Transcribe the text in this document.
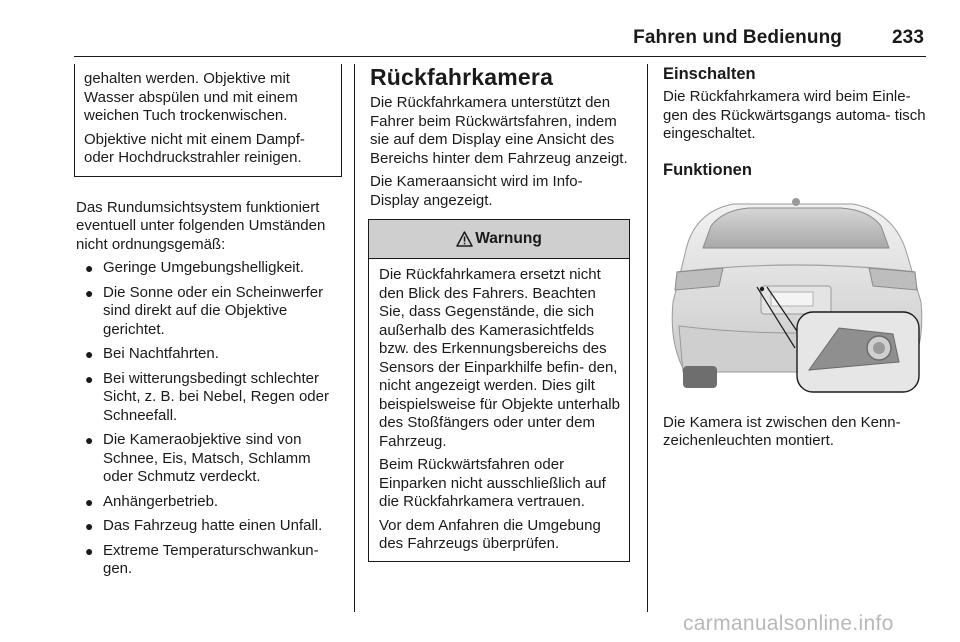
Fahren und Bedienung	233

gehalten werden. Objektive mit Wasser abspülen und mit einem weichen Tuch trockenwischen.

Objektive nicht mit einem Dampf- oder Hochdruckstrahler reinigen.

Das Rundumsichtsystem funktioniert eventuell unter folgenden Umständen nicht ordnungsgemäß:

● Geringe Umgebungshelligkeit.
● Die Sonne oder ein Scheinwerfer sind direkt auf die Objektive gerichtet.
● Bei Nachtfahrten.
● Bei witterungsbedingt schlechter Sicht, z. B. bei Nebel, Regen oder Schneefall.
● Die Kameraobjektive sind von Schnee, Eis, Matsch, Schlamm oder Schmutz verdeckt.
● Anhängerbetrieb.
● Das Fahrzeug hatte einen Unfall.
● Extreme Temperaturschwankun- gen.
Rückfahrkamera

Die Rückfahrkamera unterstützt den Fahrer beim Rückwärtsfahren, indem sie auf dem Display eine Ansicht des Bereichs hinter dem Fahrzeug anzeigt.

Die Kameraansicht wird im Info- Display angezeigt.

Warnung

Die Rückfahrkamera ersetzt nicht den Blick des Fahrers. Beachten Sie, dass Gegenstände, die sich außerhalb des Kamerasichtfelds bzw. des Erkennungsbereichs des Sensors der Einparkhilfe befin- den, nicht angezeigt werden. Dies gilt beispielsweise für Objekte unterhalb des Stoßfängers oder unter dem Fahrzeug.

Beim Rückwärtsfahren oder Einparken nicht ausschließlich auf die Rückfahrkamera vertrauen.

Vor dem Anfahren die Umgebung des Fahrzeugs überprüfen.

Einschalten

Die Rückfahrkamera wird beim Einle- gen des Rückwärtsgangs automa- tisch eingeschaltet.

Funktionen

Die Kamera ist zwischen den Kenn- zeichenleuchten montiert.

carmanualsonline.info
